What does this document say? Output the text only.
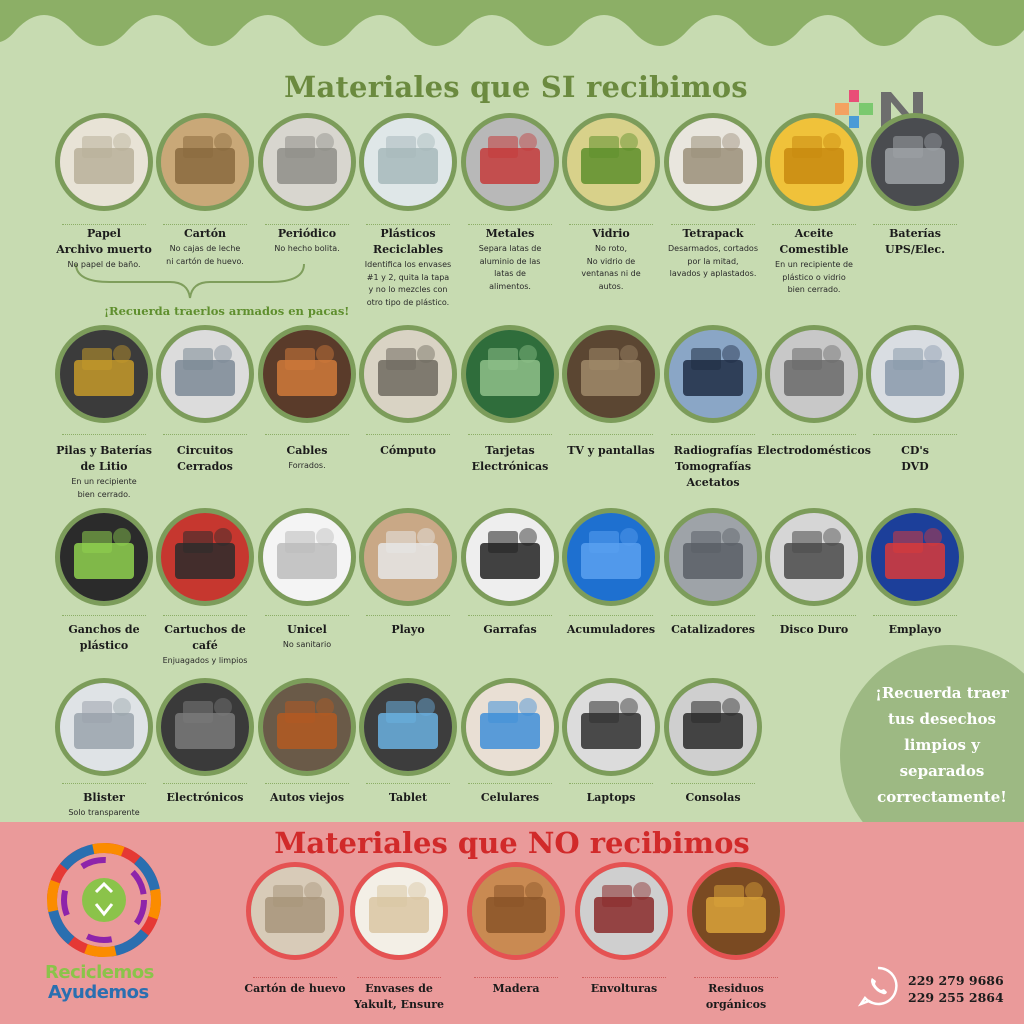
Materiales que SI recibimos
¡Recuerda traerlos armados en pacas!
Papel
Archivo muerto
No papel de baño.
Cartón
No cajas de leche
ni cartón de huevo.
Periódico
No hecho bolita.
Plásticos
Reciclables
Identifica los envases
#1 y 2, quita la tapa
y no lo mezcles con
otro tipo de plástico.
Metales
Separa latas de
aluminio de las
latas de
alimentos.
Vidrio
No roto,
No vidrio de
ventanas ni de
autos.
Tetrapack
Desarmados, cortados
por la mitad,
lavados y aplastados.
Aceite
Comestible
En un recipiente de
plástico o vidrio
bien cerrado.
Baterías
UPS/Elec.
Pilas y Baterías
de Litio
En un recipiente
bien cerrado.
Circuitos
Cerrados
Cables
Forrados.
Cómputo	Tarjetas
Electrónicas
TV y pantallas	Radiografías
Tomografías
Acetatos
Electrodomésticos	CD's
DVD
Ganchos de
plástico
Cartuchos de
café
Enjuagados y limpios
Unicel
No sanitario
Playo	Garrafas	Acumuladores	Catalizadores	Disco Duro	Emplayo
Blister
Solo transparente
Electrónicos	Autos viejos	Tablet	Celulares	Laptops	Consolas
¡Recuerda traer tus desechos limpios y separados correctamente!
Materiales que NO recibimos
Cartón de huevo	Envases de
Yakult, Ensure
Madera	Envolturas	Residuos
orgánicos
Reciclemos
Ayudemos
229 279 9686
229 255 2864
